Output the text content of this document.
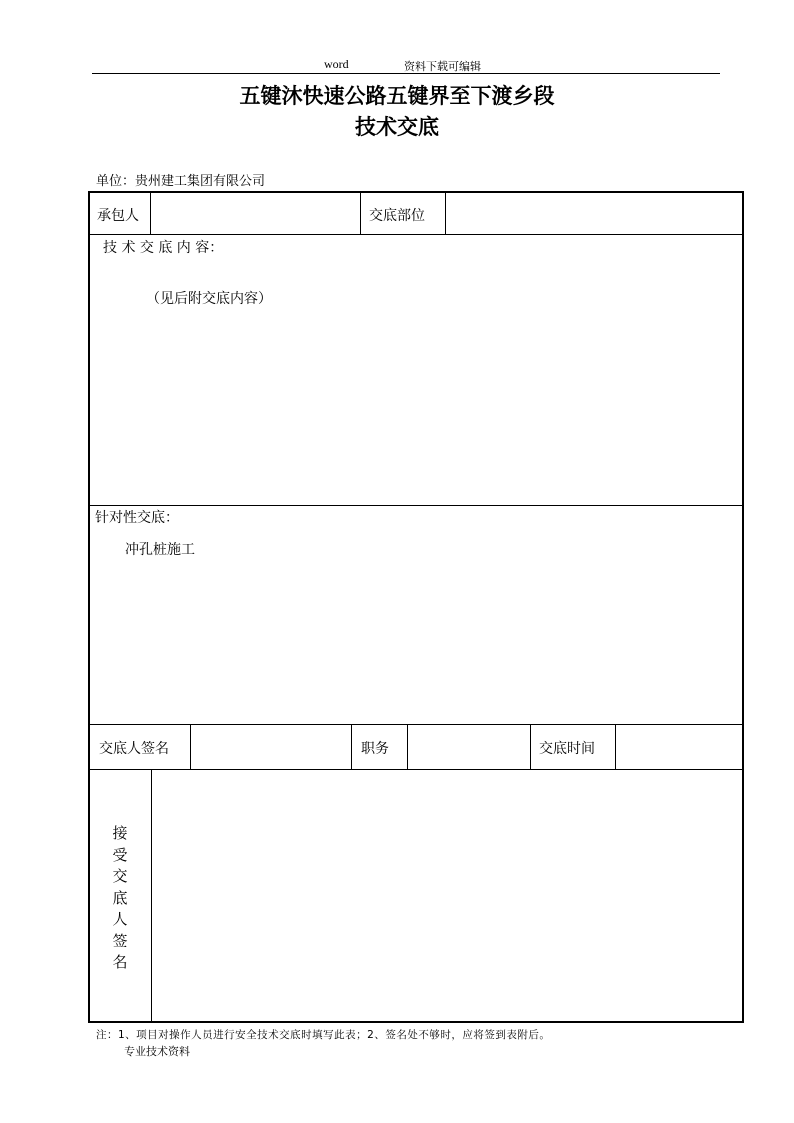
word	资料下载可编辑
五键沐快速公路五键界至下渡乡段
技术交底
单位：贵州建工集团有限公司
承包人	交底部位
技 术 交 底 内 容：
（见后附交底内容）
针对性交底：
冲孔桩施工
交底人签名	职务	交底时间
接
受
交
底
人
签
名
注：1、项目对操作人员进行安全技术交底时填写此表；2、签名处不够时，应将签到表附后。
专业技术资料
